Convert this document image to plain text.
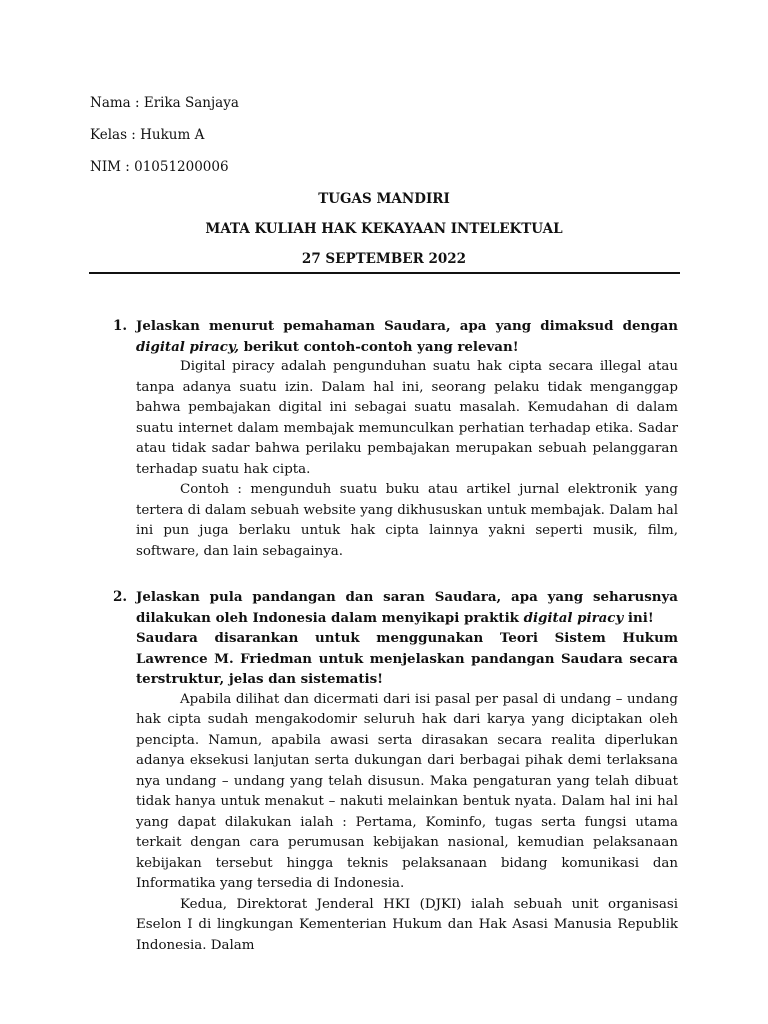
Nama : Erika Sanjaya
Kelas : Hukum A
NIM : 01051200006
TUGAS MANDIRI
MATA KULIAH HAK KEKAYAAN INTELEKTUAL
27 SEPTEMBER 2022
1. Jelaskan menurut pemahaman Saudara, apa yang dimaksud dengan digital piracy, berikut contoh-contoh yang relevan!

Digital piracy adalah pengunduhan suatu hak cipta secara illegal atau tanpa adanya suatu izin. Dalam hal ini, seorang pelaku tidak menganggap bahwa pembajakan digital ini sebagai suatu masalah. Kemudahan di dalam suatu internet dalam membajak memunculkan perhatian terhadap etika. Sadar atau tidak sadar bahwa perilaku pembajakan merupakan sebuah pelanggaran terhadap suatu hak cipta.

Contoh : mengunduh suatu buku atau artikel jurnal elektronik yang tertera di dalam sebuah website yang dikhususkan untuk membajak. Dalam hal ini pun juga berlaku untuk hak cipta lainnya yakni seperti musik, film, software, dan lain sebagainya.

2. Jelaskan pula pandangan dan saran Saudara, apa yang seharusnya dilakukan oleh Indonesia dalam menyikapi praktik digital piracy ini!
Saudara disarankan untuk menggunakan Teori Sistem Hukum Lawrence M. Friedman untuk menjelaskan pandangan Saudara secara terstruktur, jelas dan sistematis!

Apabila dilihat dan dicermati dari isi pasal per pasal di undang – undang hak cipta sudah mengakodomir seluruh hak dari karya yang diciptakan oleh pencipta. Namun, apabila awasi serta dirasakan secara realita diperlukan adanya eksekusi lanjutan serta dukungan dari berbagai pihak demi terlaksana nya undang – undang yang telah disusun. Maka pengaturan yang telah dibuat tidak hanya untuk menakut – nakuti melainkan bentuk nyata. Dalam hal ini hal yang dapat dilakukan ialah : Pertama, Kominfo, tugas serta fungsi utama terkait dengan cara perumusan kebijakan nasional, kemudian pelaksanaan kebijakan tersebut hingga teknis pelaksanaan bidang komunikasi dan Informatika yang tersedia di Indonesia.

Kedua, Direktorat Jenderal HKI (DJKI) ialah sebuah unit organisasi Eselon I di lingkungan Kementerian Hukum dan Hak Asasi Manusia Republik Indonesia. Dalam
